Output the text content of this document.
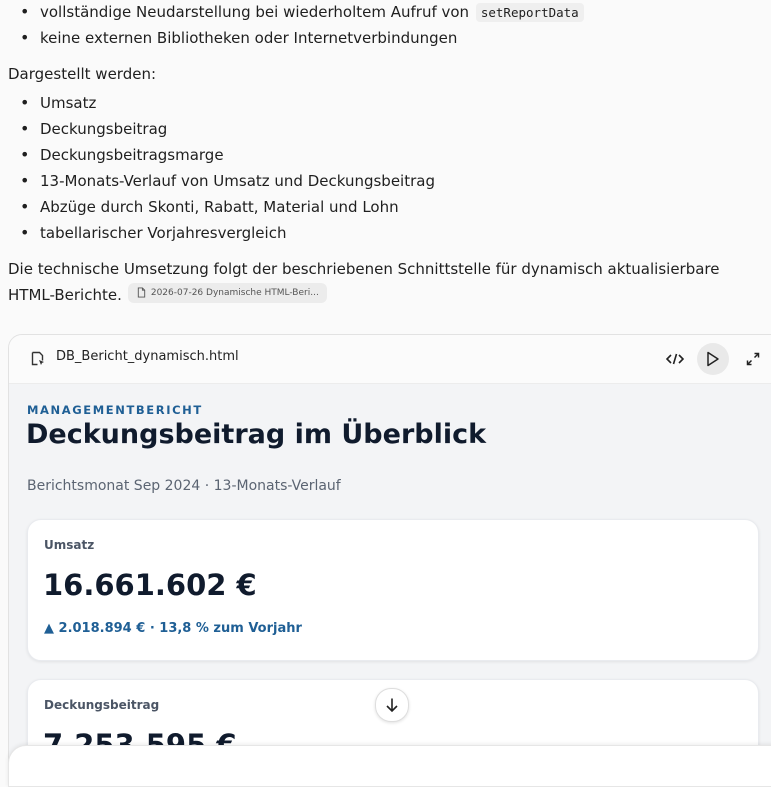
• vollständige Neudarstellung bei wiederholtem Aufruf von setReportData
• keine externen Bibliotheken oder Internetverbindungen
Dargestellt werden:
• Umsatz
• Deckungsbeitrag
• Deckungsbeitragsmarge
• 13-Monats-Verlauf von Umsatz und Deckungsbeitrag
• Abzüge durch Skonti, Rabatt, Material und Lohn
• tabellarischer Vorjahresvergleich
Die technische Umsetzung folgt der beschriebenen Schnittstelle für dynamisch aktualisierbare HTML-Berichte.	2026-07-26 Dynamische HTML-Beri...
DB_Bericht_dynamisch.html
MANAGEMENTBERICHT
Deckungsbeitrag im Überblick
Berichtsmonat Sep 2024 · 13-Monats-Verlauf
Umsatz
16.661.602 €
▲ 2.018.894 € · 13,8 % zum Vorjahr
Deckungsbeitrag
